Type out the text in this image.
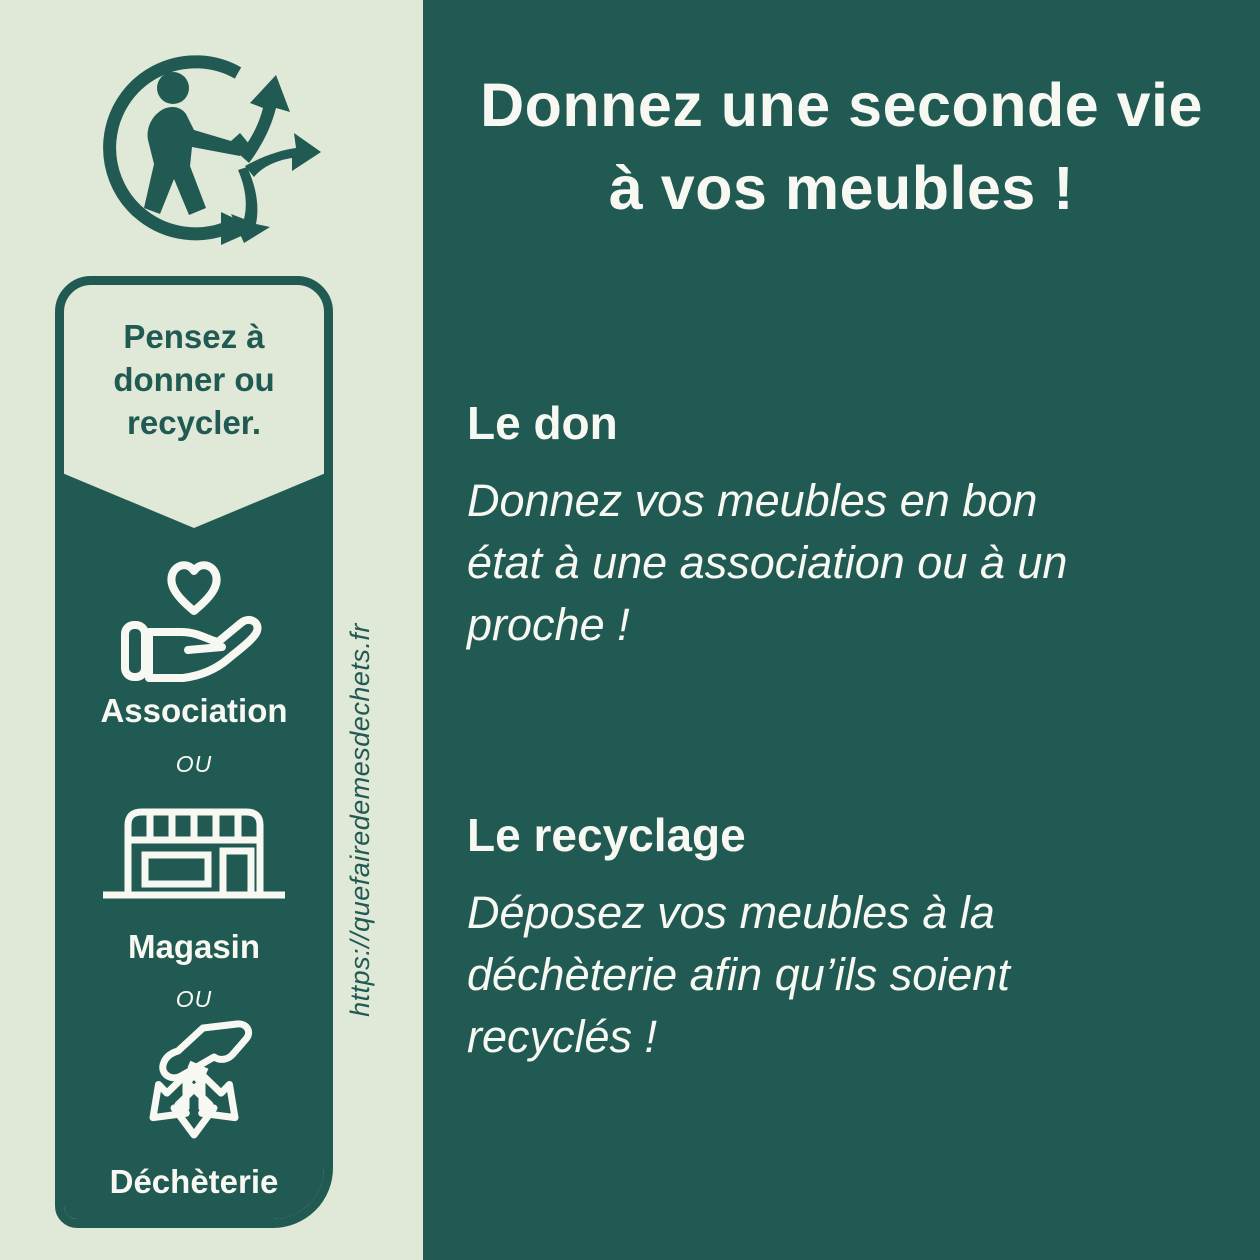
Pensez à
donner ou
recycler.
Association
OU
Magasin
OU
Déchèterie
https://quefairedemesdechets.fr
Donnez une seconde vie
à vos meubles !
Le don
Donnez vos meubles en bon
état à une association ou à un
proche !
Le recyclage
Déposez vos meubles à la
déchèterie afin qu’ils soient
recyclés !
